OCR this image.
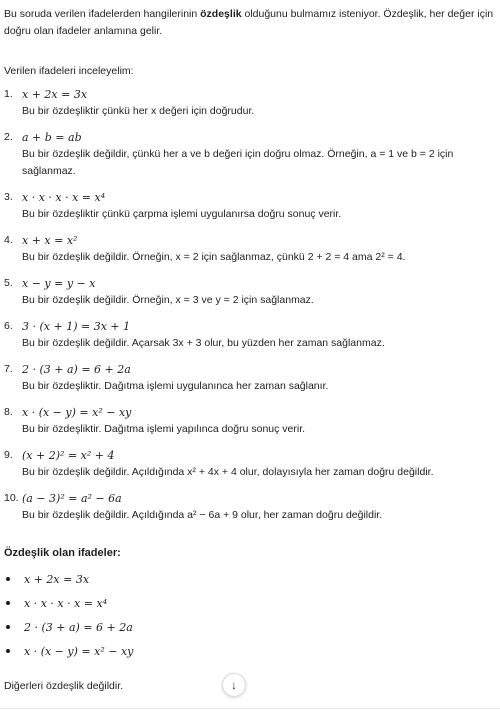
Bu soruda verilen ifadelerden hangilerinin özdeşlik olduğunu bulmamız isteniyor. Özdeşlik, her değer için doğru olan ifadeler anlamına gelir.
Verilen ifadeleri inceleyelim:
1. x + 2x = 3x
Bu bir özdeşliktir çünkü her x değeri için doğrudur.
2. a + b = ab
Bu bir özdeşlik değildir, çünkü her a ve b değeri için doğru olmaz. Örneğin, a = 1 ve b = 2 için sağlanmaz.
3. x · x · x · x = x⁴
Bu bir özdeşliktir çünkü çarpma işlemi uygulanırsa doğru sonuç verir.
4. x + x = x²
Bu bir özdeşlik değildir. Örneğin, x = 2 için sağlanmaz, çünkü 2 + 2 = 4 ama 2² = 4.
5. x − y = y − x
Bu bir özdeşlik değildir. Örneğin, x = 3 ve y = 2 için sağlanmaz.
6. 3 · (x + 1) = 3x + 1
Bu bir özdeşlik değildir. Açarsak 3x + 3 olur, bu yüzden her zaman sağlanmaz.
7. 2 · (3 + a) = 6 + 2a
Bu bir özdeşliktir. Dağıtma işlemi uygulanınca her zaman sağlanır.
8. x · (x − y) = x² − xy
Bu bir özdeşliktir. Dağıtma işlemi yapılınca doğru sonuç verir.
9. (x + 2)² = x² + 4
Bu bir özdeşlik değildir. Açıldığında x² + 4x + 4 olur, dolayısıyla her zaman doğru değildir.
10. (a − 3)² = a² − 6a
Bu bir özdeşlik değildir. Açıldığında a² − 6a + 9 olur, her zaman doğru değildir.
Özdeşlik olan ifadeler:
x + 2x = 3x
x · x · x · x = x⁴
2 · (3 + a) = 6 + 2a
x · (x − y) = x² − xy
Diğerleri özdeşlik değildir.	↓
